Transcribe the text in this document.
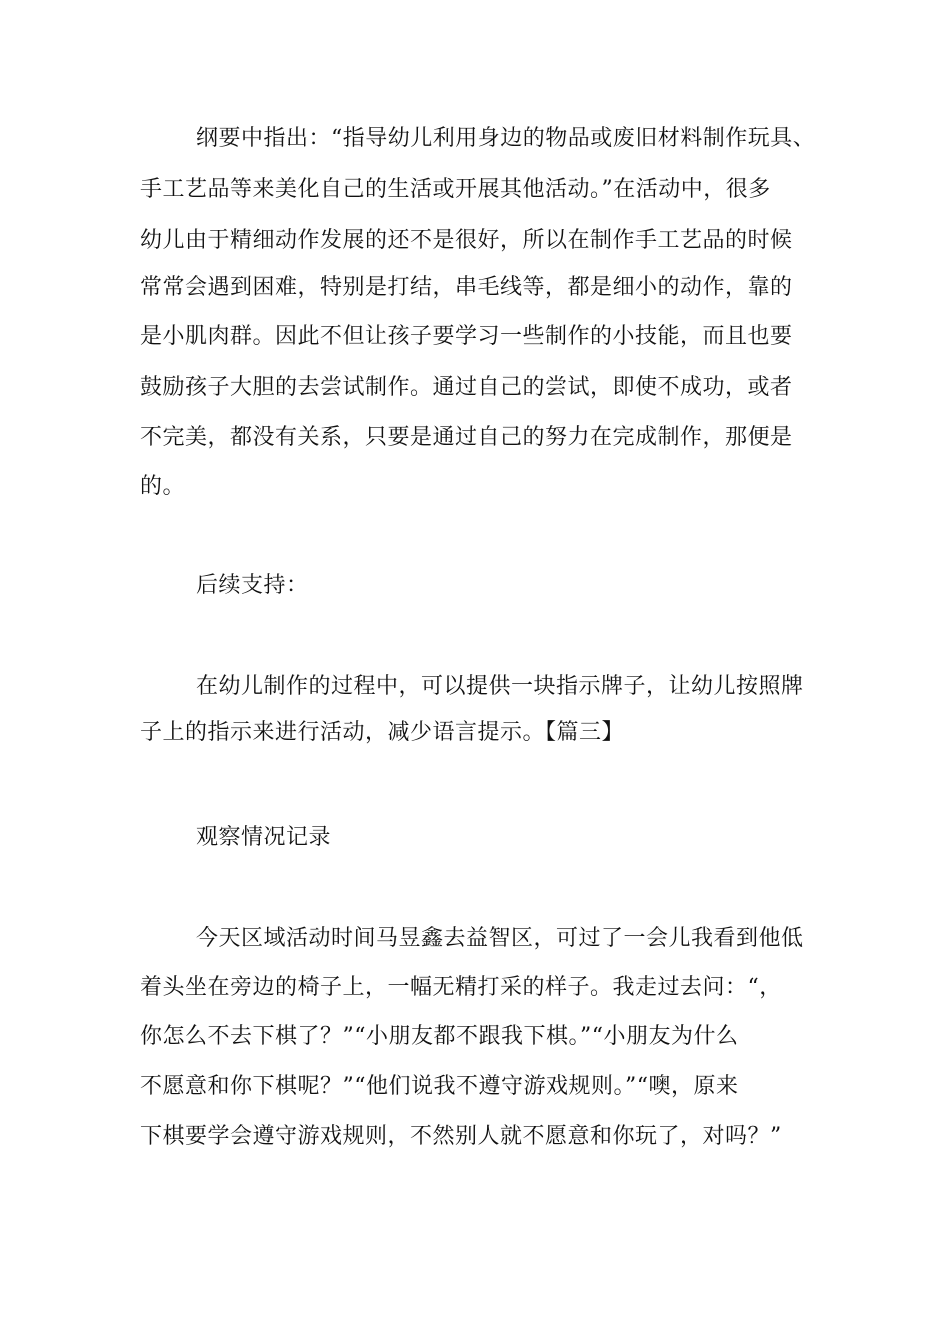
纲要中指出：“指导幼儿利用身边的物品或废旧材料制作玩具、
手工艺品等来美化自己的生活或开展其他活动。”在活动中，很多
幼儿由于精细动作发展的还不是很好，所以在制作手工艺品的时候
常常会遇到困难，特别是打结，串毛线等，都是细小的动作，靠的
是小肌肉群。因此不但让孩子要学习一些制作的小技能，而且也要
鼓励孩子大胆的去尝试制作。通过自己的尝试，即使不成功，或者
不完美，都没有关系，只要是通过自己的努力在完成制作，那便是
的。
后续支持：
在幼儿制作的过程中，可以提供一块指示牌子，让幼儿按照牌
子上的指示来进行活动，减少语言提示。【篇三】
观察情况记录
今天区域活动时间马昱鑫去益智区，可过了一会儿我看到他低
着头坐在旁边的椅子上，一幅无精打采的样子。我走过去问：“，
你怎么不去下棋了？”“小朋友都不跟我下棋。”“小朋友为什么
不愿意和你下棋呢？”“他们说我不遵守游戏规则。”“噢，原来
下棋要学会遵守游戏规则，不然别人就不愿意和你玩了，对吗？”
